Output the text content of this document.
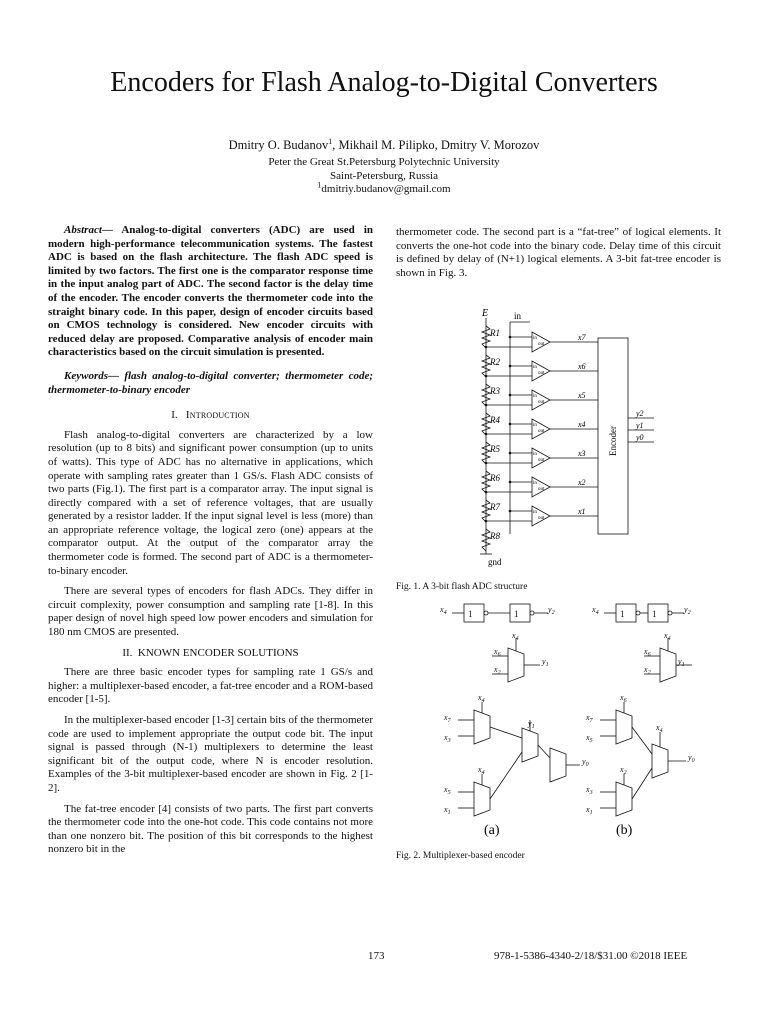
Encoders for Flash Analog-to-Digital Converters
Dmitry O. Budanov$^1$, Mikhail M. Pilipko, Dmitry V. Morozov
Peter the Great St.Petersburg Polytechnic University
Saint-Petersburg, Russia
$^1$dmitriy.budanov@gmail.com
Abstract— Analog-to-digital converters (ADC) are used in modern high-performance telecommunication systems. The fastest ADC is based on the flash architecture. The flash ADC speed is limited by two factors. The first one is the comparator response time in the input analog part of ADC. The second factor is the delay time of the encoder. The encoder converts the thermometer code into the straight binary code. In this paper, design of encoder circuits based on CMOS technology is considered. New encoder circuits with reduced delay are proposed. Comparative analysis of encoder main characteristics based on the circuit simulation is presented.
Keywords— flash analog-to-digital converter; thermometer code; thermometer-to-binary encoder
I. Introduction

Flash analog-to-digital converters are characterized by a low resolution (up to 8 bits) and significant power consumption (up to units of watts). This type of ADC has no alternative in applications, which operate with sampling rates greater than 1 GS/s. Flash ADC consists of two parts (Fig.1). The first part is a comparator array. The input signal is directly compared with a set of reference voltages, that are usually generated by a resistor ladder. If the input signal level is less (more) than an appropriate reference voltage, the logical zero (one) appears at the comparator output. At the output of the comparator array the thermometer code is formed. The second part of ADC is a thermometer-to-binary encoder.

There are several types of encoders for flash ADCs. They differ in circuit complexity, power consumption and sampling rate [1-8]. In this paper design of novel high speed low power encoders and simulation for 180 nm CMOS are presented.

II. KNOWN ENCODER SOLUTIONS

There are three basic encoder types for sampling rate 1 GS/s and higher: a multiplexer-based encoder, a fat-tree encoder and a ROM-based encoder [1-5].

In the multiplexer-based encoder [1-3] certain bits of the thermometer code are used to implement appropriate the output code bit. The input signal is passed through (N-1) multiplexers to determine the least significant bit of the output code, where N is encoder resolution. Examples of the 3-bit multiplexer-based encoder are shown in Fig. 2 [1-2].

The fat-tree encoder [4] consists of two parts. The first part converts the thermometer code into the one-hot code. This code contains not more than one nonzero bit. The position of this bit corresponds to the highest nonzero bit in the

thermometer code. The second part is a “fat-tree” of logical elements. It converts the one-hot code into the binary code. Delay time of this circuit is defined by delay of (N+1) logical elements. A 3-bit fat-tree encoder is shown in Fig. 3.

R1
R2
R3
R4
R5
R6
R7
R8
in
out
x7
in
out
x6
in
out
x5
in
out
x4
in
out
x3
in
out
x2
in
out
x1
E	in
gnd
Encoder
y2
y1
y0
Fig. 1. A 3-bit flash ADC structure
1	1	1	1
$x_4$	$y_2$	$x_4$	$y_2$
$x_4$
$x_6$
$x_2$
$y_1$
$x_4$
$x_6$
$x_2$
$y_1$
$x_4$
$x_7$
$x_3$
$y_1$
$x_4$
$x_5$
$x_1$
$y_0$
$x_6$
$x_7$
$x_5$
$x_4$
$x_2$
$x_3$
$x_1$
$y_0$
(a)	(b)
Fig. 2. Multiplexer-based encoder
173	978-1-5386-4340-2/18/$31.00 ©2018 IEEE
